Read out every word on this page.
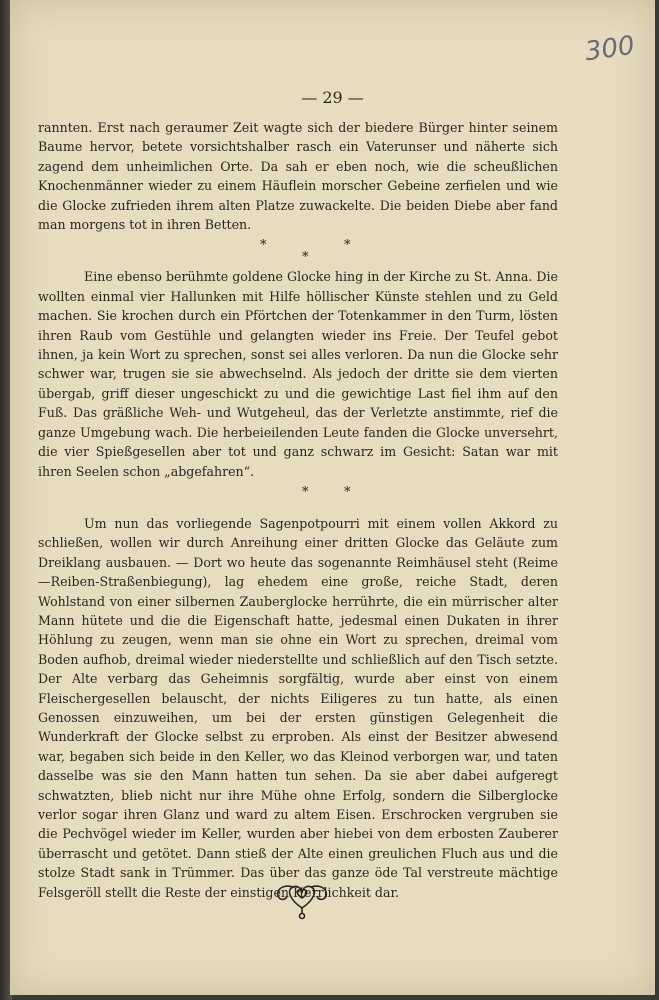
300
— 29 —

rannten. Erst nach geraumer Zeit wagte sich der biedere Bürger hinter seinem Baume hervor, betete vorsichtshalber rasch ein Vaterunser und näherte sich zagend dem unheimlichen Orte. Da sah er eben noch, wie die scheußlichen Knochenmänner wieder zu einem Häuflein morscher Gebeine zerfielen und wie die Glocke zufrieden ihrem alten Platze zuwackelte. Die beiden Diebe aber fand man morgens tot in ihren Betten.

*
*
*

Eine ebenso berühmte goldene Glocke hing in der Kirche zu St. Anna. Die wollten einmal vier Hallunken mit Hilfe höllischer Künste stehlen und zu Geld machen. Sie krochen durch ein Pförtchen der Totenkammer in den Turm, lösten ihren Raub vom Gestühle und gelangten wieder ins Freie. Der Teufel gebot ihnen, ja kein Wort zu sprechen, sonst sei alles verloren. Da nun die Glocke sehr schwer war, trugen sie sie abwechselnd. Als jedoch der dritte sie dem vierten übergab, griff dieser ungeschickt zu und die gewichtige Last fiel ihm auf den Fuß. Das gräßliche Weh- und Wutgeheul, das der Verletzte anstimmte, rief die ganze Umgebung wach. Die herbeieilenden Leute fanden die Glocke unversehrt, die vier Spießgesellen aber tot und ganz schwarz im Gesicht: Satan war mit ihren Seelen schon „abgefahren“.

*	*

Um nun das vorliegende Sagenpotpourri mit einem vollen Akkord zu schließen, wollen wir durch Anreihung einer dritten Glocke das Geläute zum Dreiklang ausbauen. — Dort wo heute das sogenannte Reimhäusel steht (Reime—Reiben-Straßenbiegung), lag ehedem eine große, reiche Stadt, deren Wohlstand von einer silbernen Zauberglocke herrührte, die ein mürrischer alter Mann hütete und die die Eigenschaft hatte, jedesmal einen Dukaten in ihrer Höhlung zu zeugen, wenn man sie ohne ein Wort zu sprechen, dreimal vom Boden aufhob, dreimal wieder niederstellte und schließlich auf den Tisch setzte. Der Alte verbarg das Geheimnis sorgfältig, wurde aber einst von einem Fleischergesellen belauscht, der nichts Eiligeres zu tun hatte, als einen Genossen einzuweihen, um bei der ersten günstigen Gelegenheit die Wunderkraft der Glocke selbst zu erproben. Als einst der Besitzer abwesend war, begaben sich beide in den Keller, wo das Kleinod verborgen war, und taten dasselbe was sie den Mann hatten tun sehen. Da sie aber dabei aufgeregt schwatzten, blieb nicht nur ihre Mühe ohne Erfolg, sondern die Silberglocke verlor sogar ihren Glanz und ward zu altem Eisen. Erschrocken vergruben sie die Pechvögel wieder im Keller, wurden aber hiebei von dem erbosten Zauberer überrascht und getötet. Dann stieß der Alte einen greulichen Fluch aus und die stolze Stadt sank in Trümmer. Das über das ganze öde Tal verstreute mächtige Felsgeröll stellt die Reste der einstigen Herrlichkeit dar.
